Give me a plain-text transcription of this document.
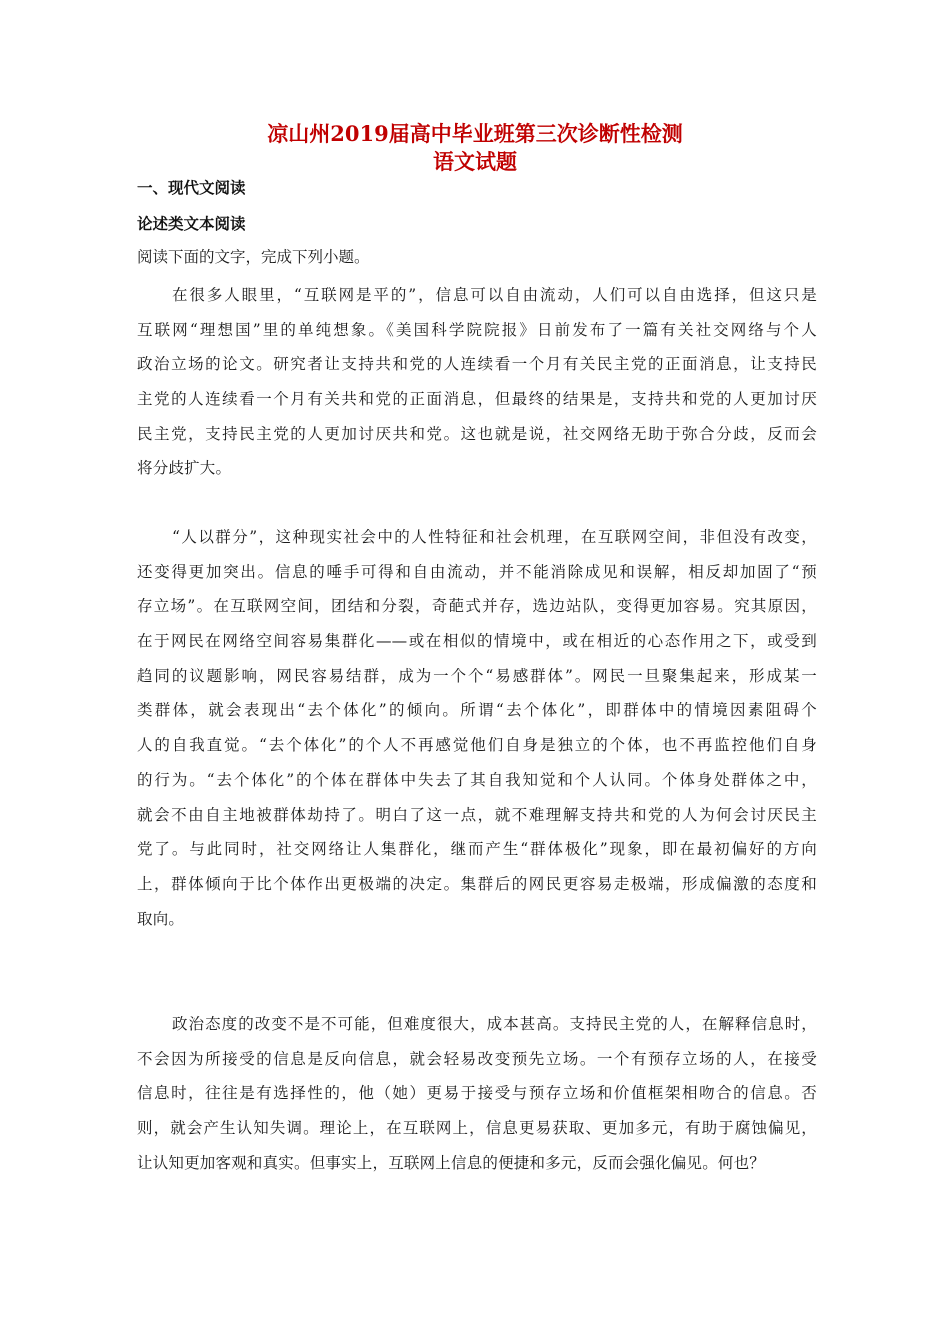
凉山州2019届高中毕业班第三次诊断性检测
语文试题
一、现代文阅读
论述类文本阅读
阅读下面的文字，完成下列小题。
在很多人眼里，“互联网是平的”，信息可以自由流动，人们可以自由选择，但这只是
互联网“理想国”里的单纯想象。《美国科学院院报》日前发布了一篇有关社交网络与个人
政治立场的论文。研究者让支持共和党的人连续看一个月有关民主党的正面消息，让支持民
主党的人连续看一个月有关共和党的正面消息，但最终的结果是，支持共和党的人更加讨厌
民主党，支持民主党的人更加讨厌共和党。这也就是说，社交网络无助于弥合分歧，反而会
将分歧扩大。
“人以群分”，这种现实社会中的人性特征和社会机理，在互联网空间，非但没有改变，
还变得更加突出。信息的唾手可得和自由流动，并不能消除成见和误解，相反却加固了“预
存立场”。在互联网空间，团结和分裂，奇葩式并存，选边站队，变得更加容易。究其原因，
在于网民在网络空间容易集群化——或在相似的情境中，或在相近的心态作用之下，或受到
趋同的议题影响，网民容易结群，成为一个个“易感群体”。网民一旦聚集起来，形成某一
类群体，就会表现出“去个体化”的倾向。所谓“去个体化”，即群体中的情境因素阻碍个
人的自我直觉。“去个体化”的个人不再感觉他们自身是独立的个体，也不再监控他们自身
的行为。“去个体化”的个体在群体中失去了其自我知觉和个人认同。个体身处群体之中，
就会不由自主地被群体劫持了。明白了这一点，就不难理解支持共和党的人为何会讨厌民主
党了。与此同时，社交网络让人集群化，继而产生“群体极化”现象，即在最初偏好的方向
上，群体倾向于比个体作出更极端的决定。集群后的网民更容易走极端，形成偏激的态度和
取向。
政治态度的改变不是不可能，但难度很大，成本甚高。支持民主党的人，在解释信息时，
不会因为所接受的信息是反向信息，就会轻易改变预先立场。一个有预存立场的人，在接受
信息时，往往是有选择性的，他（她）更易于接受与预存立场和价值框架相吻合的信息。否
则，就会产生认知失调。理论上，在互联网上，信息更易获取、更加多元，有助于腐蚀偏见，
让认知更加客观和真实。但事实上，互联网上信息的便捷和多元，反而会强化偏见。何也？
